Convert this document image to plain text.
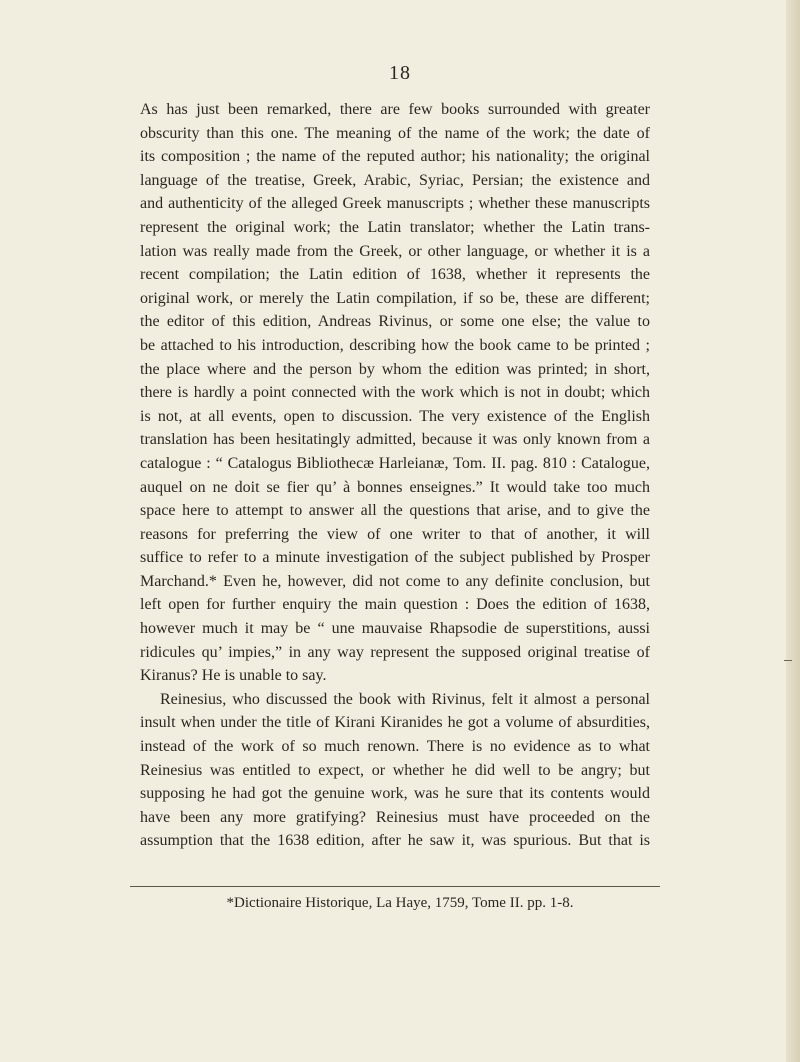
18
As has just been remarked, there are few books surrounded with greater
obscurity than this one. The meaning of the name of the work; the date of
its composition ; the name of the reputed author; his nationality; the original
language of the treatise, Greek, Arabic, Syriac, Persian; the existence and
and authenticity of the alleged Greek manuscripts ; whether these manuscripts
represent the original work; the Latin translator; whether the Latin trans-
lation was really made from the Greek, or other language, or whether it is a
recent compilation; the Latin edition of 1638, whether it represents the
original work, or merely the Latin compilation, if so be, these are different;
the editor of this edition, Andreas Rivinus, or some one else; the value to
be attached to his introduction, describing how the book came to be printed ;
the place where and the person by whom the edition was printed; in short,
there is hardly a point connected with the work which is not in doubt; which
is not, at all events, open to discussion. The very existence of the English
translation has been hesitatingly admitted, because it was only known from a
catalogue : “ Catalogus Bibliothecæ Harleianæ, Tom. II. pag. 810 : Catalogue,
auquel on ne doit se fier qu’ à bonnes enseignes.” It would take too much
space here to attempt to answer all the questions that arise, and to give the
reasons for preferring the view of one writer to that of another, it will
suffice to refer to a minute investigation of the subject published by Prosper
Marchand.* Even he, however, did not come to any definite conclusion, but
left open for further enquiry the main question : Does the edition of 1638,
however much it may be “ une mauvaise Rhapsodie de superstitions, aussi
ridicules qu’ impies,” in any way represent the supposed original treatise of
Kiranus? He is unable to say.
Reinesius, who discussed the book with Rivinus, felt it almost a personal
insult when under the title of Kirani Kiranides he got a volume of absurdities,
instead of the work of so much renown. There is no evidence as to what
Reinesius was entitled to expect, or whether he did well to be angry; but
supposing he had got the genuine work, was he sure that its contents would
have been any more gratifying? Reinesius must have proceeded on the
assumption that the 1638 edition, after he saw it, was spurious. But that is
*Dictionaire Historique, La Haye, 1759, Tome II. pp. 1-8.
